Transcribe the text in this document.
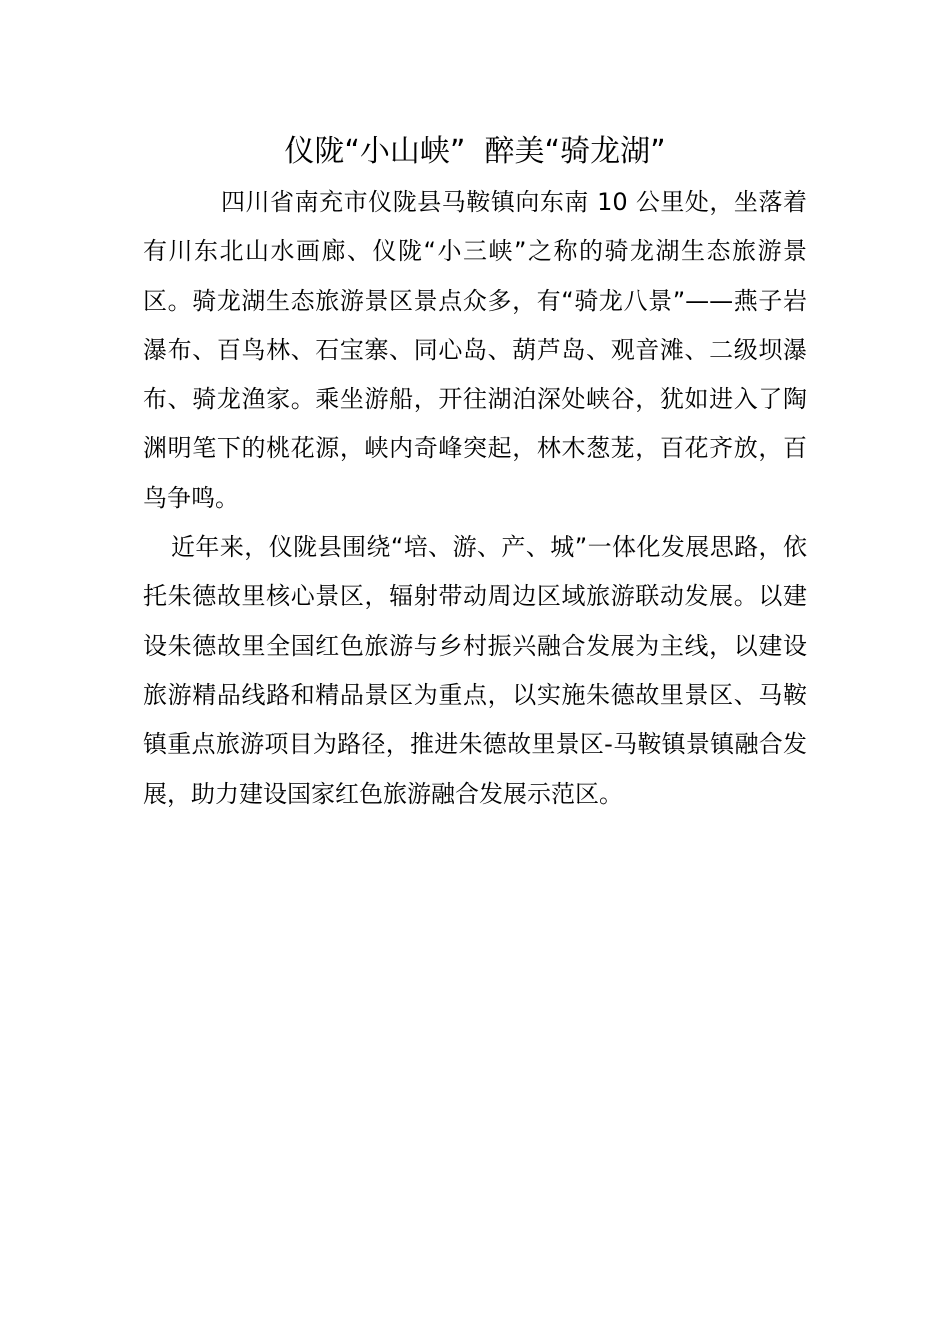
仪陇“小山峡”  醉美“骑龙湖”

四川省南充市仪陇县马鞍镇向东南 10 公里处，坐落着有川东北山水画廊、仪陇“小三峡”之称的骑龙湖生态旅游景区。骑龙湖生态旅游景区景点众多，有“骑龙八景”——燕子岩瀑布、百鸟林、石宝寨、同心岛、葫芦岛、观音滩、二级坝瀑布、骑龙渔家。乘坐游船，开往湖泊深处峡谷，犹如进入了陶渊明笔下的桃花源，峡内奇峰突起，林木葱茏，百花齐放，百鸟争鸣。

近年来，仪陇县围绕“培、游、产、城”一体化发展思路，依托朱德故里核心景区，辐射带动周边区域旅游联动发展。以建设朱德故里全国红色旅游与乡村振兴融合发展为主线，以建设旅游精品线路和精品景区为重点，以实施朱德故里景区、马鞍镇重点旅游项目为路径，推进朱德故里景区-马鞍镇景镇融合发展，助力建设国家红色旅游融合发展示范区。
